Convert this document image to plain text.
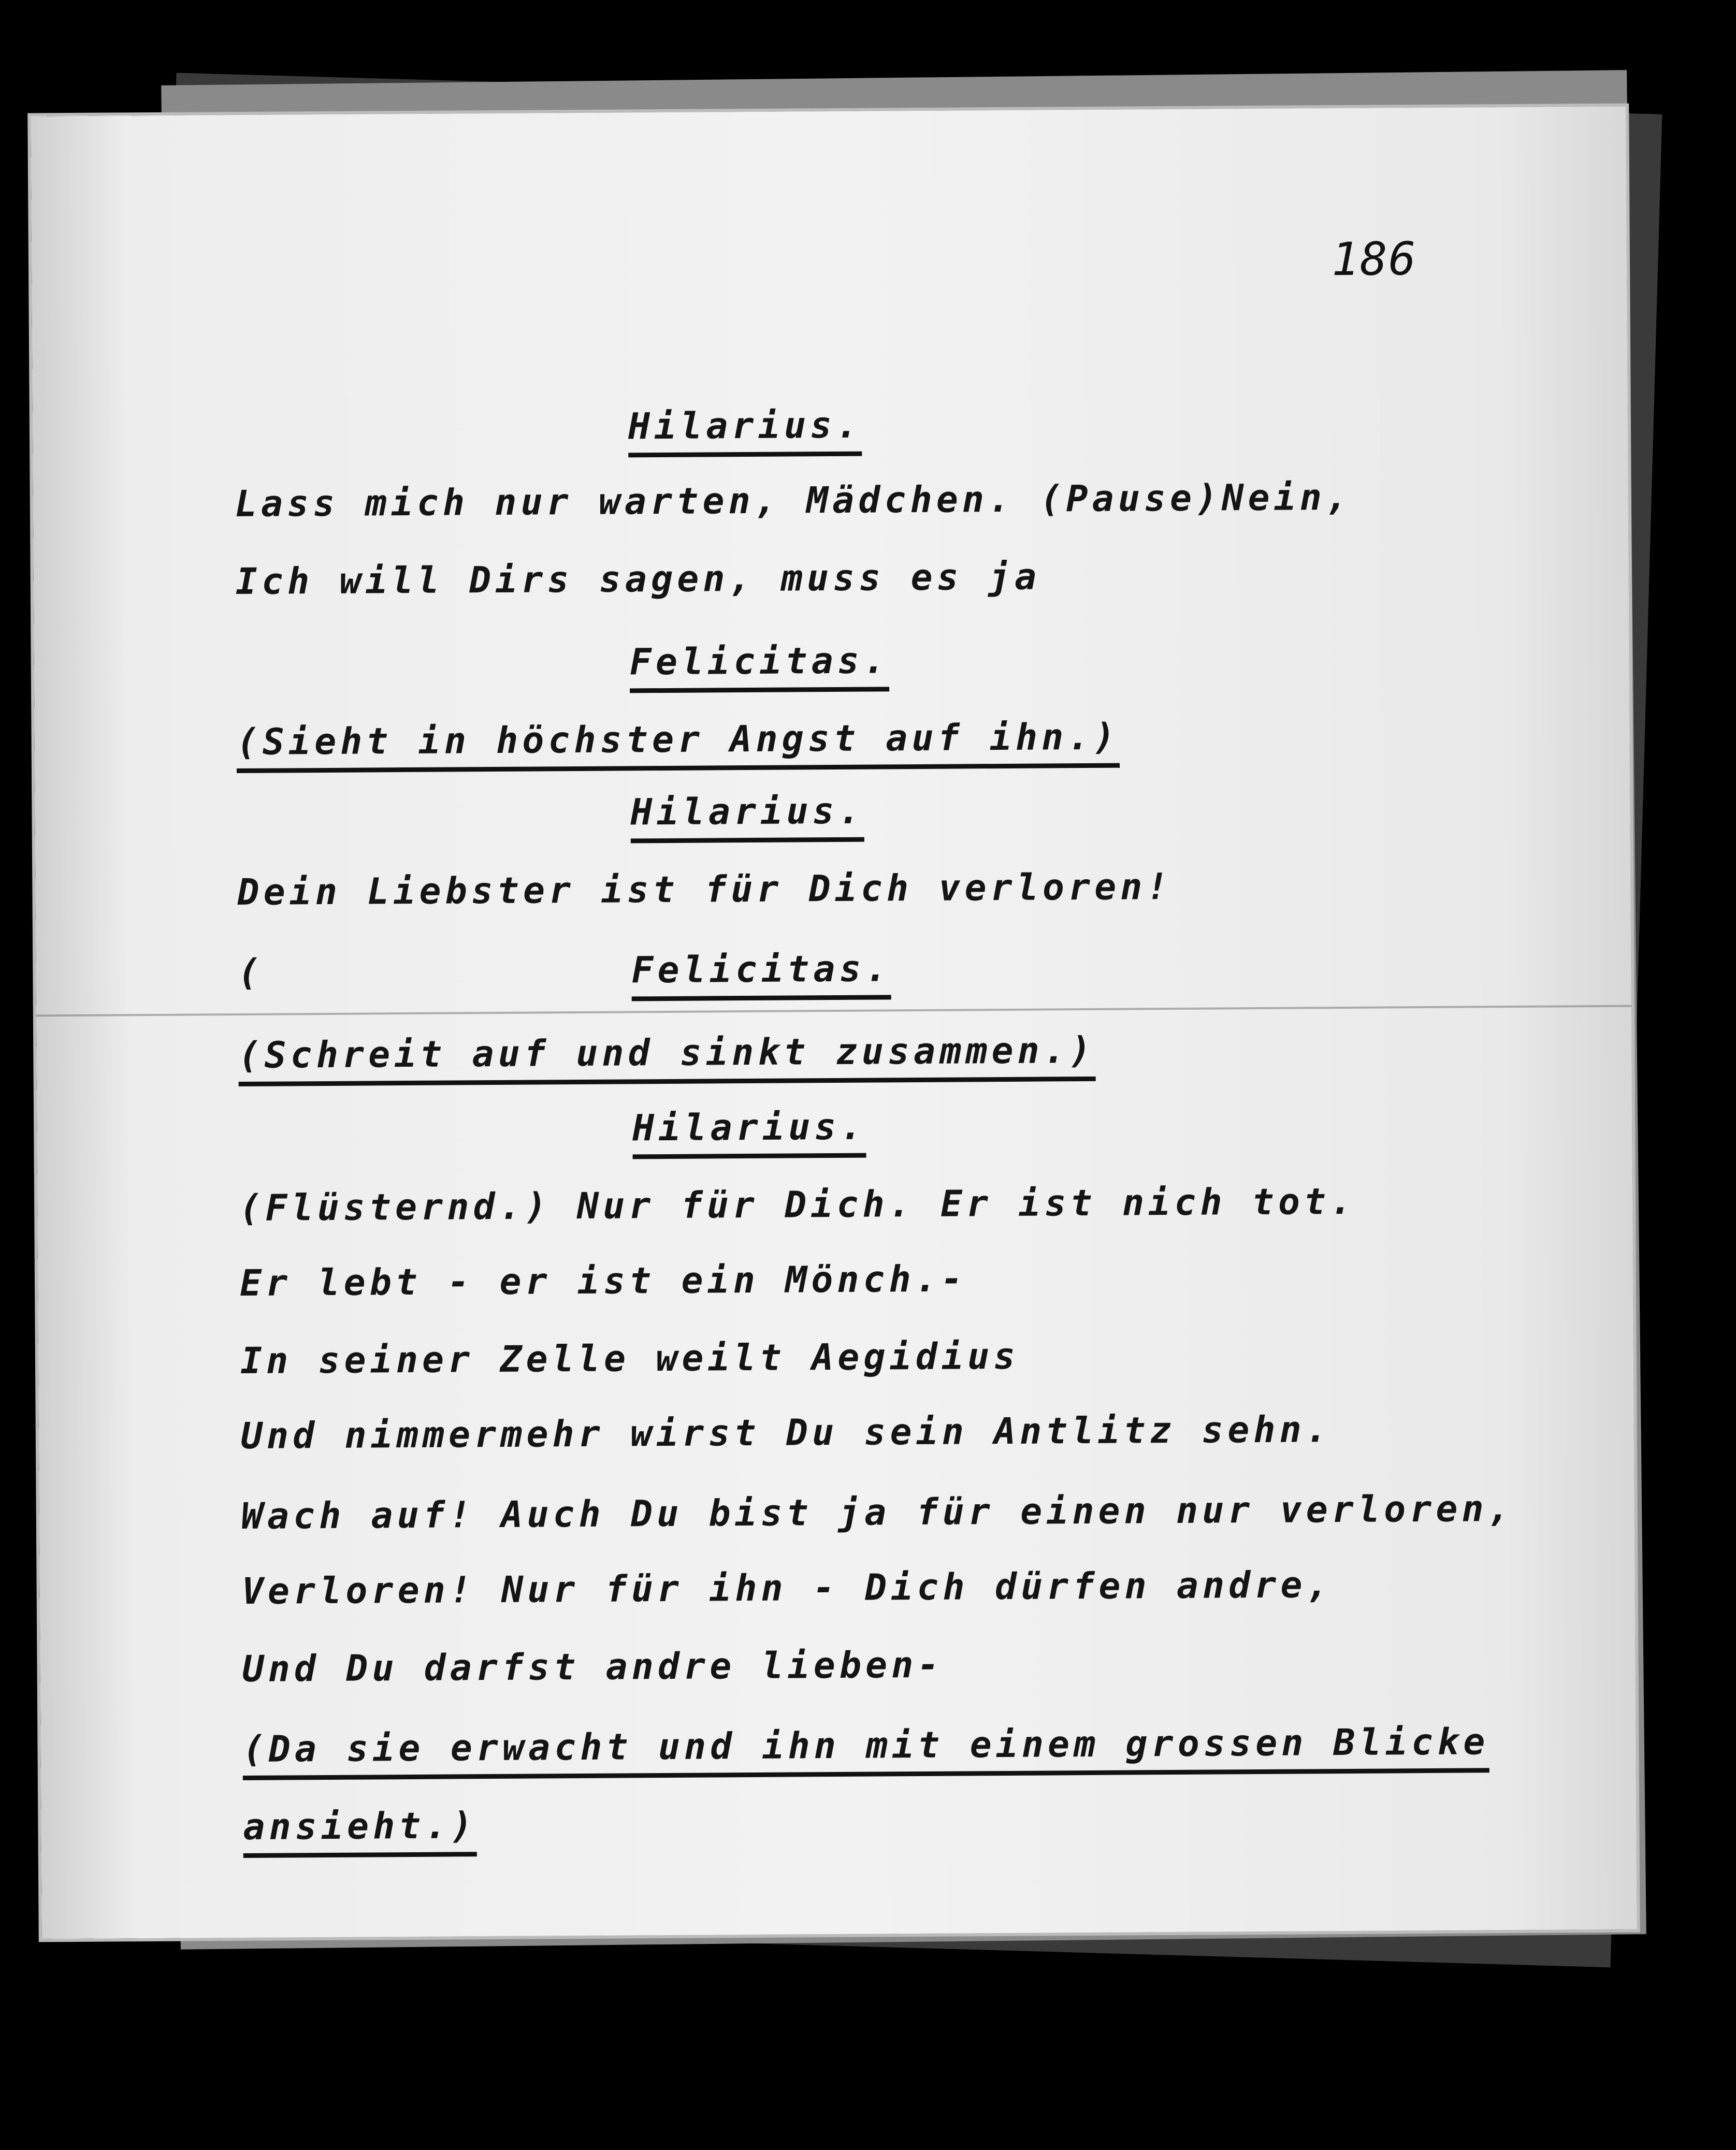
186
Hilarius.
Lass mich nur warten, Mädchen. (Pause)Nein,
Ich will Dirs sagen, muss es ja
Felicitas.
(Sieht in höchster Angst auf ihn.)
Hilarius.
Dein Liebster ist für Dich verloren!
(	Felicitas.
(Schreit auf und sinkt zusammen.)
Hilarius.
(Flüsternd.) Nur für Dich. Er ist nich tot.
Er lebt - er ist ein Mönch.-
In seiner Zelle weilt Aegidius
Und nimmermehr wirst Du sein Antlitz sehn.
Wach auf! Auch Du bist ja für einen nur verloren,
Verloren! Nur für ihn - Dich dürfen andre,
Und Du darfst andre lieben-
(Da sie erwacht und ihn mit einem grossen Blicke
ansieht.)
